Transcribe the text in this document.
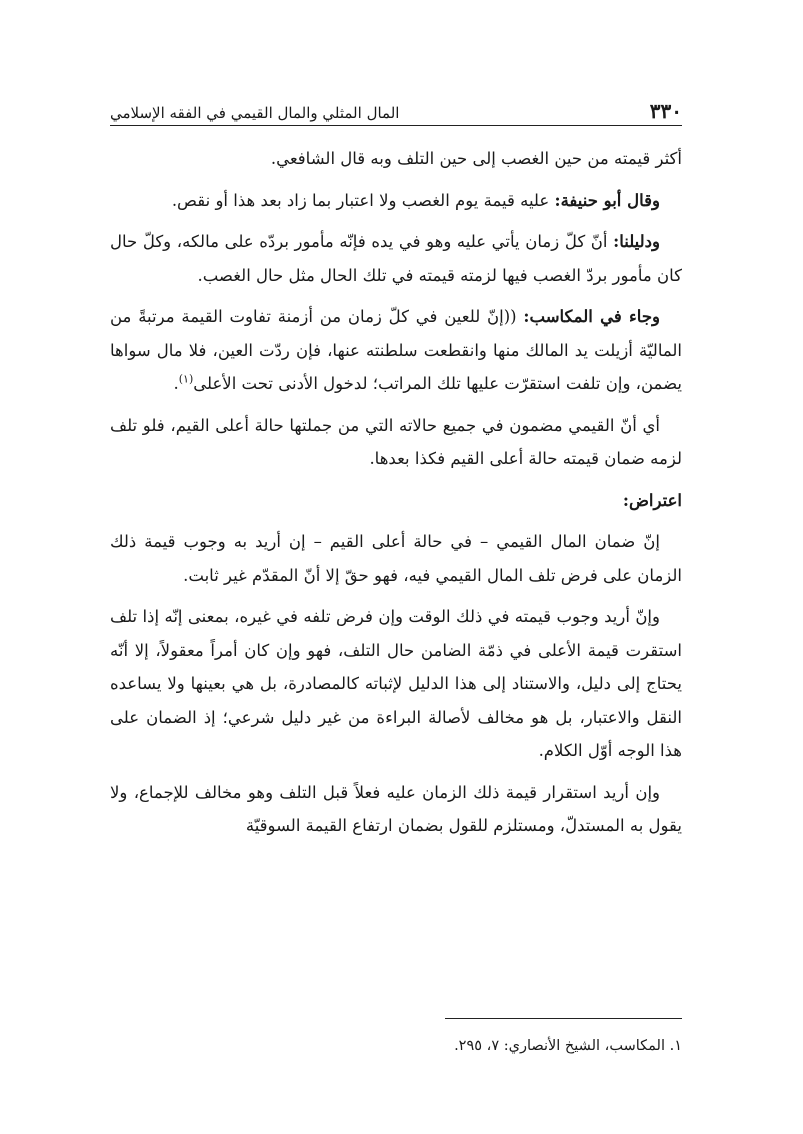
٣٣٠
المال المثلي والمال القيمي في الفقه الإسلامي

أكثر قيمته من حين الغصب إلى حين التلف وبه قال الشافعي.

وقال أبو حنيفة: عليه قيمة يوم الغصب ولا اعتبار بما زاد بعد هذا أو نقص.

ودليلنا: أنّ كلّ زمان يأتي عليه وهو في يده فإنّه مأمور بردّه على مالكه، وكلّ حال كان مأمور بردّ الغصب فيها لزمته قيمته في تلك الحال مثل حال الغصب.

وجاء في المكاسب: ((إنّ للعين في كلّ زمان من أزمنة تفاوت القيمة مرتبةً من الماليّة أزيلت يد المالك منها وانقطعت سلطنته عنها، فإن ردّت العين، فلا مال سواها يضمن، وإن تلفت استقرّت عليها تلك المراتب؛ لدخول الأدنى تحت الأعلى$^{(١)}$.

أي أنّ القيمي مضمون في جميع حالاته التي من جملتها حالة أعلى القيم، فلو تلف لزمه ضمان قيمته حالة أعلى القيم فكذا بعدها.

اعتراض:

إنّ ضمان المال القيمي – في حالة أعلى القيم – إن أريد به وجوب قيمة ذلك الزمان على فرض تلف المال القيمي فيه، فهو حقّ إلا أنّ المقدّم غير ثابت.

وإنّ أريد وجوب قيمته في ذلك الوقت وإن فرض تلفه في غيره، بمعنى إنّه إذا تلف استقرت قيمة الأعلى في ذمّة الضامن حال التلف، فهو وإن كان أمراً معقولاً، إلا أنّه يحتاج إلى دليل، والاستناد إلى هذا الدليل لإثباته كالمصادرة، بل هي بعينها ولا يساعده النقل والاعتبار، بل هو مخالف لأصالة البراءة من غير دليل شرعي؛ إذ الضمان على هذا الوجه أوّل الكلام.

وإن أريد استقرار قيمة ذلك الزمان عليه فعلاً قبل التلف وهو مخالف للإجماع، ولا يقول به المستدلّ، ومستلزم للقول بضمان ارتفاع القيمة السوقيّة

١. المكاسب، الشيخ الأنصاري: ٧، ٢٩٥.
